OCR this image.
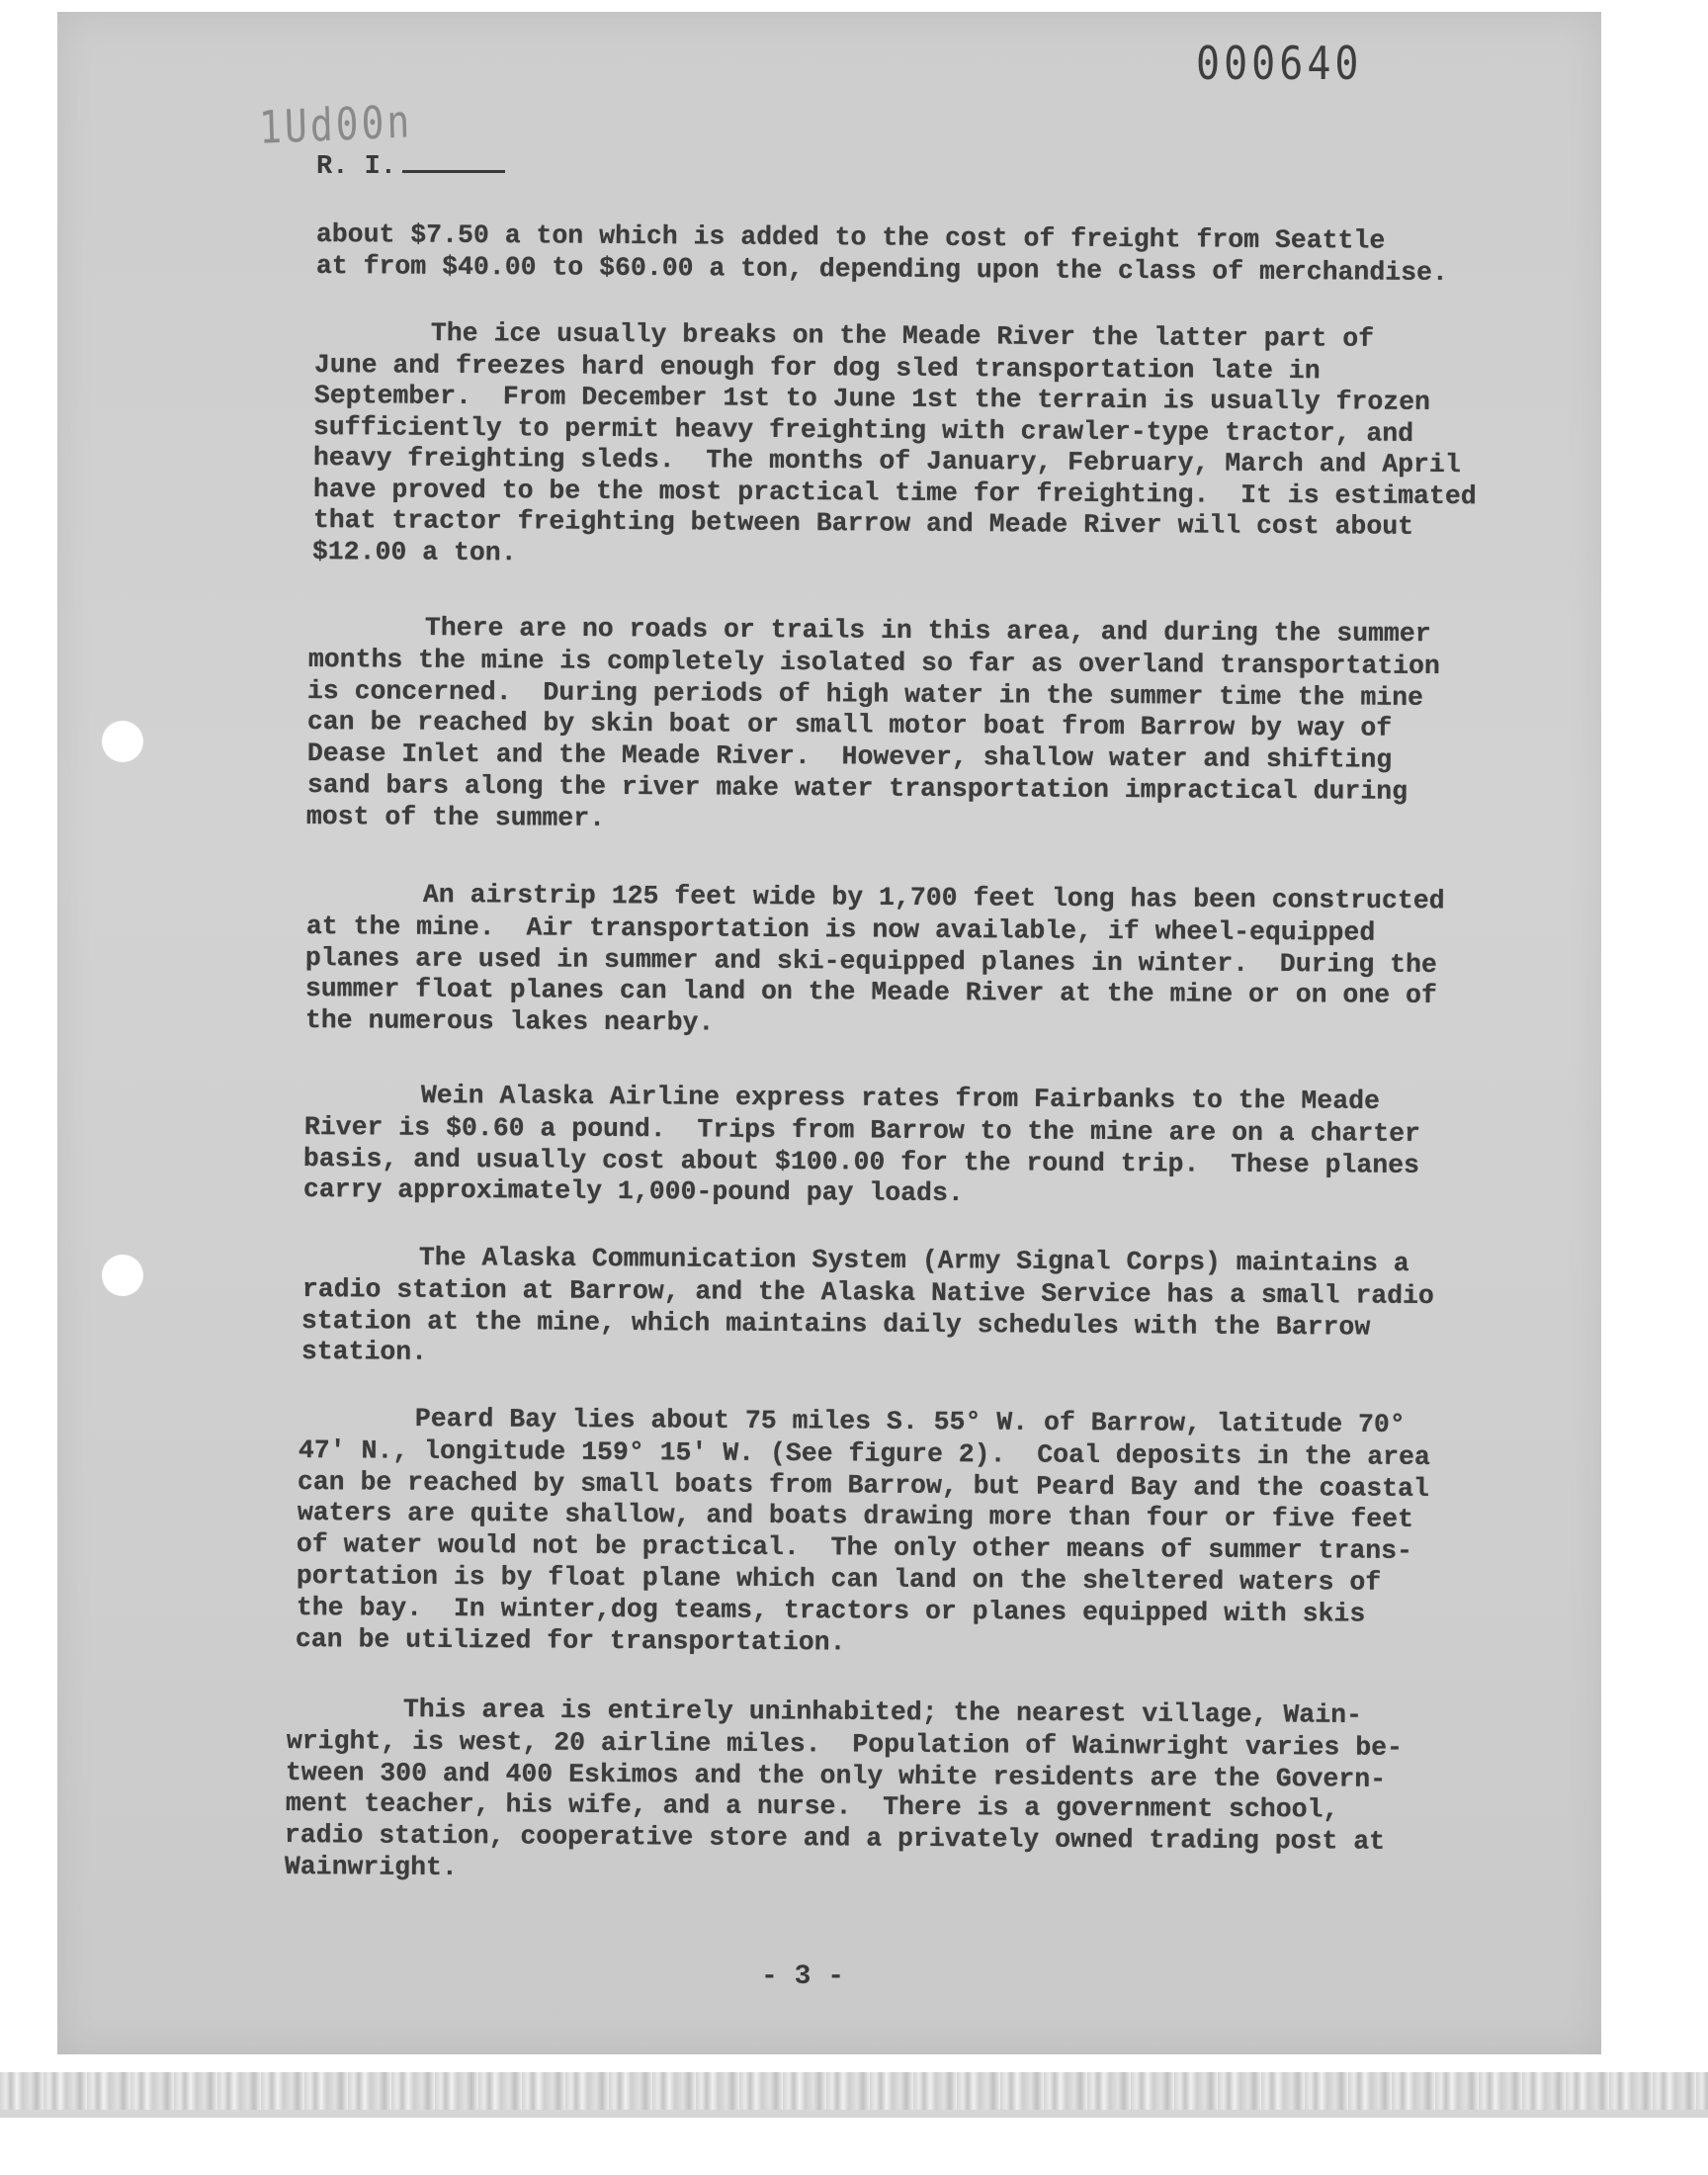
000640
1Ud00n
R. I.
about $7.50 a ton which is added to the cost of freight from Seattle
at from $40.00 to $60.00 a ton, depending upon the class of merchandise.
The ice usually breaks on the Meade River the latter part of
June and freezes hard enough for dog sled transportation late in
September.  From December 1st to June 1st the terrain is usually frozen
sufficiently to permit heavy freighting with crawler-type tractor, and
heavy freighting sleds.  The months of January, February, March and April
have proved to be the most practical time for freighting.  It is estimated
that tractor freighting between Barrow and Meade River will cost about
$12.00 a ton.
There are no roads or trails in this area, and during the summer
months the mine is completely isolated so far as overland transportation
is concerned.  During periods of high water in the summer time the mine
can be reached by skin boat or small motor boat from Barrow by way of
Dease Inlet and the Meade River.  However, shallow water and shifting
sand bars along the river make water transportation impractical during
most of the summer.
An airstrip 125 feet wide by 1,700 feet long has been constructed
at the mine.  Air transportation is now available, if wheel-equipped
planes are used in summer and ski-equipped planes in winter.  During the
summer float planes can land on the Meade River at the mine or on one of
the numerous lakes nearby.
Wein Alaska Airline express rates from Fairbanks to the Meade
River is $0.60 a pound.  Trips from Barrow to the mine are on a charter
basis, and usually cost about $100.00 for the round trip.  These planes
carry approximately 1,000-pound pay loads.
The Alaska Communication System (Army Signal Corps) maintains a
radio station at Barrow, and the Alaska Native Service has a small radio
station at the mine, which maintains daily schedules with the Barrow
station.
Peard Bay lies about 75 miles S. 55° W. of Barrow, latitude 70°
47' N., longitude 159° 15' W. (See figure 2).  Coal deposits in the area
can be reached by small boats from Barrow, but Peard Bay and the coastal
waters are quite shallow, and boats drawing more than four or five feet
of water would not be practical.  The only other means of summer trans-
portation is by float plane which can land on the sheltered waters of
the bay.  In winter,dog teams, tractors or planes equipped with skis
can be utilized for transportation.
This area is entirely uninhabited; the nearest village, Wain-
wright, is west, 20 airline miles.  Population of Wainwright varies be-
tween 300 and 400 Eskimos and the only white residents are the Govern-
ment teacher, his wife, and a nurse.  There is a government school,
radio station, cooperative store and a privately owned trading post at
Wainwright.
- 3 -
